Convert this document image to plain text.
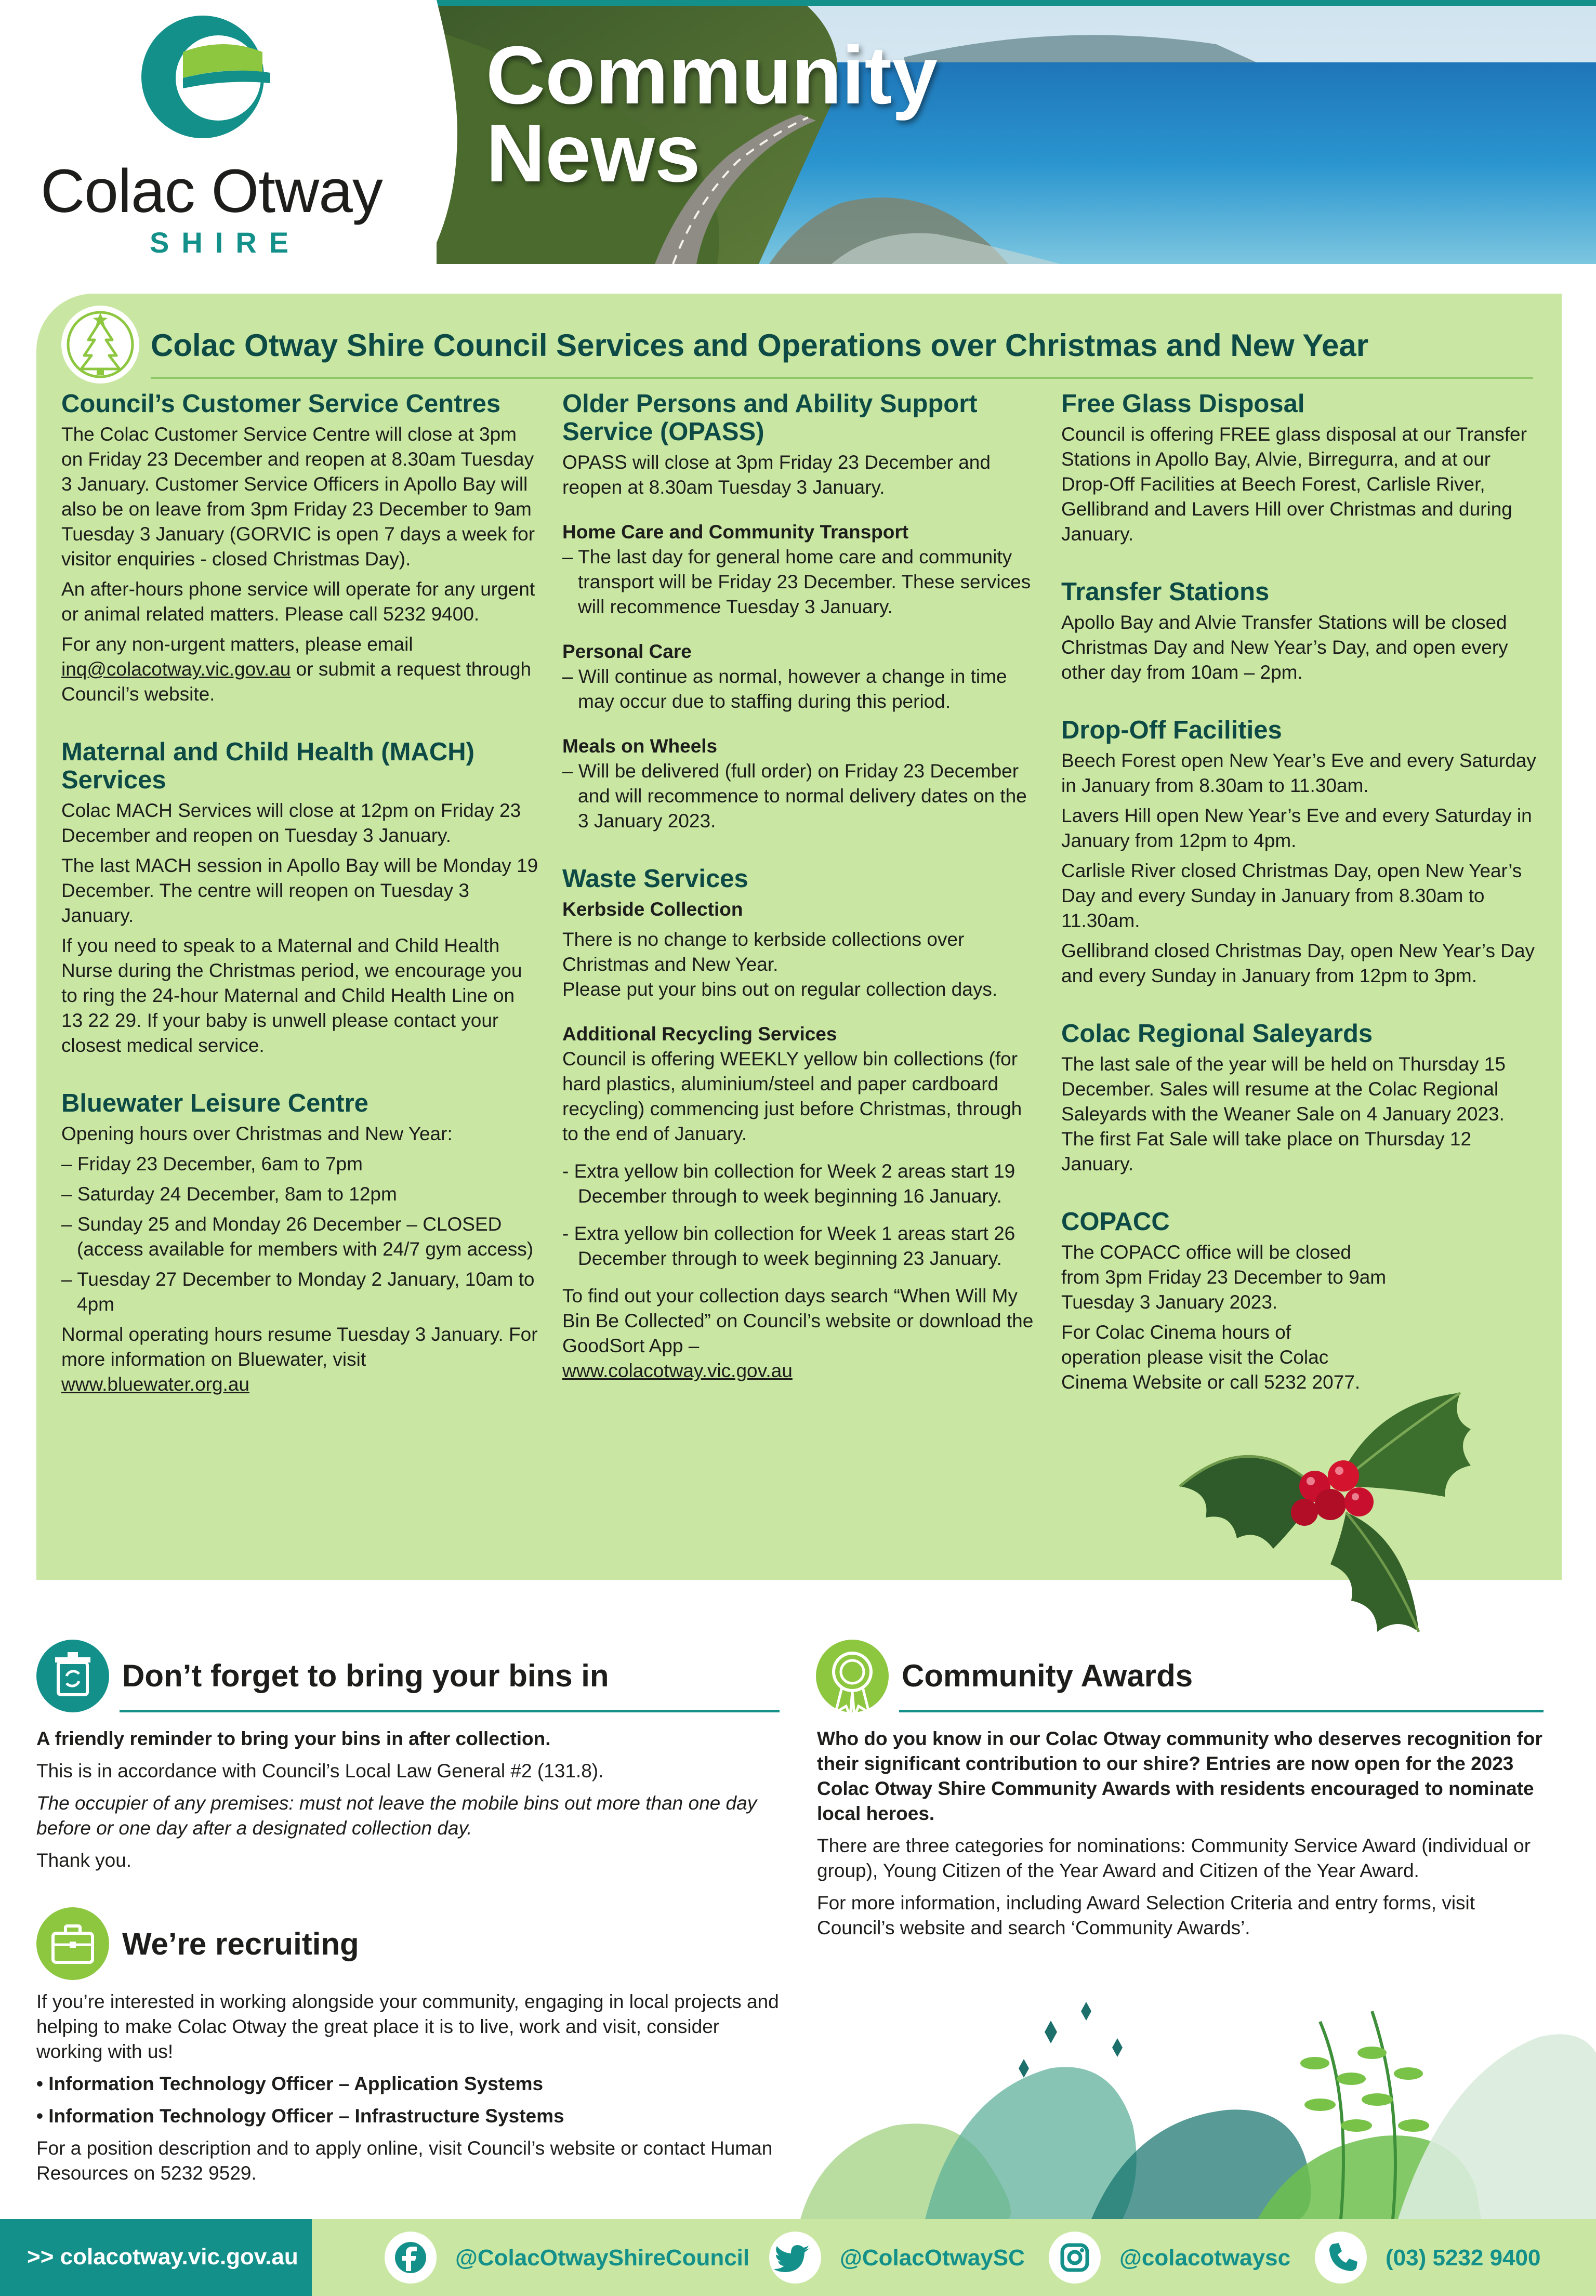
Colac Otway
SHIRE
Community
News
Colac Otway Shire Council Services and Operations over Christmas and New Year
Council’s Customer Service Centres
The Colac Customer Service Centre will close at 3pm on Friday 23 December and reopen at 8.30am Tuesday 3 January. Customer Service Officers in Apollo Bay will also be on leave from 3pm Friday 23 December to 9am Tuesday 3 January (GORVIC is open 7 days a week for visitor enquiries - closed Christmas Day).
An after-hours phone service will operate for any urgent or animal related matters. Please call 5232 9400.
For any non-urgent matters, please email inq@colacotway.vic.gov.au or submit a request through Council’s website.
Maternal and Child Health (MACH) Services
Colac MACH Services will close at 12pm on Friday 23 December and reopen on Tuesday 3 January.
The last MACH session in Apollo Bay will be Monday 19 December. The centre will reopen on Tuesday 3 January.
If you need to speak to a Maternal and Child Health Nurse during the Christmas period, we encourage you to ring the 24-hour Maternal and Child Health Line on 13 22 29. If your baby is unwell please contact your closest medical service.
Bluewater Leisure Centre
Opening hours over Christmas and New Year:
– Friday 23 December, 6am to 7pm
– Saturday 24 December, 8am to 12pm
– Sunday 25 and Monday 26 December – CLOSED (access available for members with 24/7 gym access)
– Tuesday 27 December to Monday 2 January, 10am to 4pm
Normal operating hours resume Tuesday 3 January. For more information on Bluewater, visit www.bluewater.org.au
Older Persons and Ability Support Service (OPASS)
OPASS will close at 3pm Friday 23 December and reopen at 8.30am Tuesday 3 January.
Home Care and Community Transport
– The last day for general home care and community transport will be Friday 23 December. These services will recommence Tuesday 3 January.
Personal Care
– Will continue as normal, however a change in time may occur due to staffing during this period.
Meals on Wheels
– Will be delivered (full order) on Friday 23 December and will recommence to normal delivery dates on the 3 January 2023.
Waste Services
Kerbside Collection
There is no change to kerbside collections over Christmas and New Year.
Please put your bins out on regular collection days.
Additional Recycling Services
Council is offering WEEKLY yellow bin collections (for hard plastics, aluminium/steel and paper cardboard recycling) commencing just before Christmas, through to the end of January.
- Extra yellow bin collection for Week 2 areas start 19 December through to week beginning 16 January.
- Extra yellow bin collection for Week 1 areas start 26 December through to week beginning 23 January.
To find out your collection days search “When Will My Bin Be Collected” on Council’s website or download the GoodSort App –
www.colacotway.vic.gov.au
Free Glass Disposal
Council is offering FREE glass disposal at our Transfer Stations in Apollo Bay, Alvie, Birregurra, and at our Drop-Off Facilities at Beech Forest, Carlisle River, Gellibrand and Lavers Hill over Christmas and during January.
Transfer Stations
Apollo Bay and Alvie Transfer Stations will be closed Christmas Day and New Year’s Day, and open every other day from 10am – 2pm.
Drop-Off Facilities
Beech Forest open New Year’s Eve and every Saturday in January from 8.30am to 11.30am.
Lavers Hill open New Year’s Eve and every Saturday in January from 12pm to 4pm.
Carlisle River closed Christmas Day, open New Year’s Day and every Sunday in January from 8.30am to 11.30am.
Gellibrand closed Christmas Day, open New Year’s Day and every Sunday in January from 12pm to 3pm.
Colac Regional Saleyards
The last sale of the year will be held on Thursday 15 December. Sales will resume at the Colac Regional Saleyards with the Weaner Sale on 4 January 2023. The first Fat Sale will take place on Thursday 12 January.
COPACC
The COPACC office will be closed from 3pm Friday 23 December to 9am Tuesday 3 January 2023.
For Colac Cinema hours of operation please visit the Colac Cinema Website or call 5232 2077.
Don’t forget to bring your bins in
A friendly reminder to bring your bins in after collection.
This is in accordance with Council’s Local Law General #2 (131.8).
The occupier of any premises: must not leave the mobile bins out more than one day before or one day after a designated collection day.
Thank you.
We’re recruiting
If you’re interested in working alongside your community, engaging in local projects and helping to make Colac Otway the great place it is to live, work and visit, consider working with us!
• Information Technology Officer – Application Systems
• Information Technology Officer – Infrastructure Systems
For a position description and to apply online, visit Council’s website or contact Human Resources on 5232 9529.
Community Awards
Who do you know in our Colac Otway community who deserves recognition for their significant contribution to our shire? Entries are now open for the 2023 Colac Otway Shire Community Awards with residents encouraged to nominate local heroes.
There are three categories for nominations: Community Service Award (individual or group), Young Citizen of the Year Award and Citizen of the Year Award.
For more information, including Award Selection Criteria and entry forms, visit Council’s website and search ‘Community Awards’.
>> colacotway.vic.gov.au	@ColacOtwayShireCouncil	@ColacOtwaySC	@colacotwaysc	(03) 5232 9400
